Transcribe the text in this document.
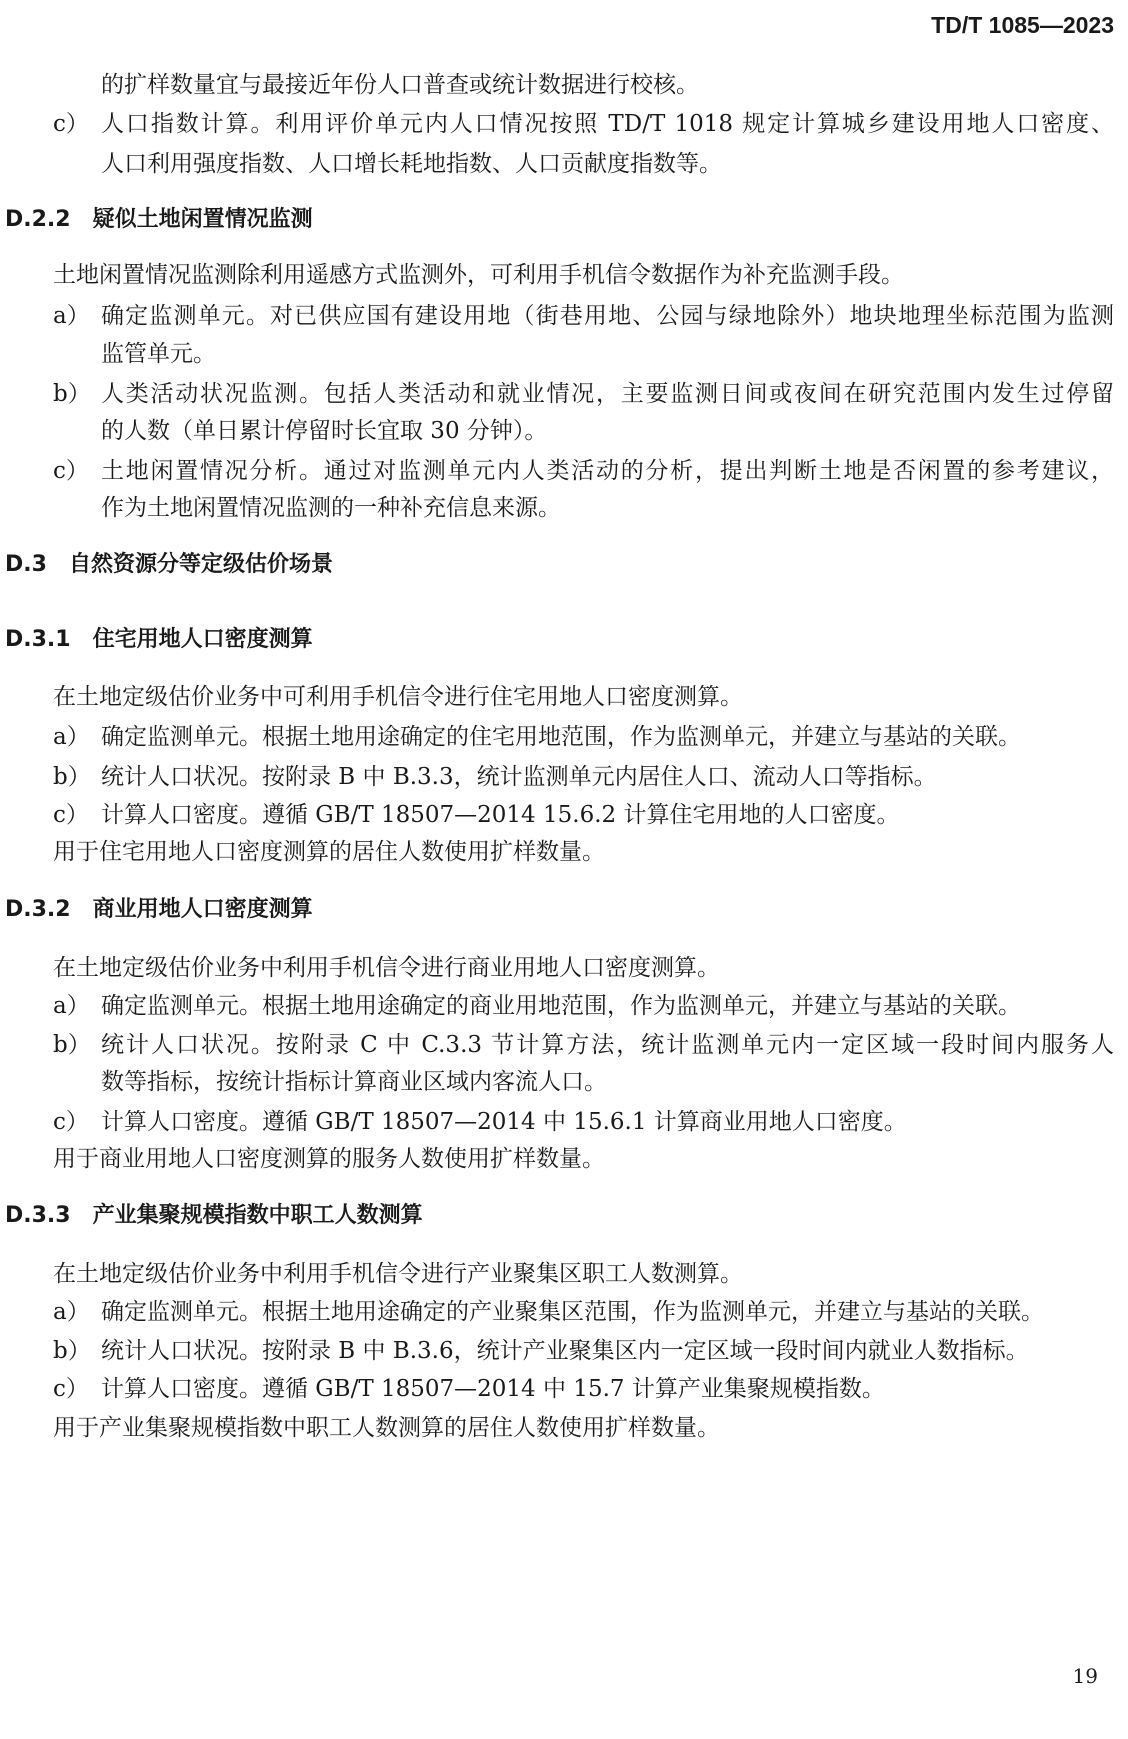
TD/T 1085—2023
的扩样数量宜与最接近年份人口普查或统计数据进行校核。
c） 人口指数计算。利用评价单元内人口情况按照 TD/T 1018 规定计算城乡建设用地人口密度、
人口利用强度指数、人口增长耗地指数、人口贡献度指数等。
D.2.2 疑似土地闲置情况监测
土地闲置情况监测除利用遥感方式监测外，可利用手机信令数据作为补充监测手段。
a） 确定监测单元。对已供应国有建设用地（街巷用地、公园与绿地除外）地块地理坐标范围为监测
监管单元。
b） 人类活动状况监测。包括人类活动和就业情况，主要监测日间或夜间在研究范围内发生过停留
的人数（单日累计停留时长宜取 30 分钟）。
c） 土地闲置情况分析。通过对监测单元内人类活动的分析，提出判断土地是否闲置的参考建议，
作为土地闲置情况监测的一种补充信息来源。
D.3 自然资源分等定级估价场景
D.3.1 住宅用地人口密度测算
在土地定级估价业务中可利用手机信令进行住宅用地人口密度测算。
a） 确定监测单元。根据土地用途确定的住宅用地范围，作为监测单元，并建立与基站的关联。
b） 统计人口状况。按附录 B 中 B.3.3，统计监测单元内居住人口、流动人口等指标。
c） 计算人口密度。遵循 GB/T 18507—2014 15.6.2 计算住宅用地的人口密度。
用于住宅用地人口密度测算的居住人数使用扩样数量。
D.3.2 商业用地人口密度测算
在土地定级估价业务中利用手机信令进行商业用地人口密度测算。
a） 确定监测单元。根据土地用途确定的商业用地范围，作为监测单元，并建立与基站的关联。
b） 统计人口状况。按附录 C 中 C.3.3 节计算方法，统计监测单元内一定区域一段时间内服务人
数等指标，按统计指标计算商业区域内客流人口。
c） 计算人口密度。遵循 GB/T 18507—2014 中 15.6.1 计算商业用地人口密度。
用于商业用地人口密度测算的服务人数使用扩样数量。
D.3.3 产业集聚规模指数中职工人数测算
在土地定级估价业务中利用手机信令进行产业聚集区职工人数测算。
a） 确定监测单元。根据土地用途确定的产业聚集区范围，作为监测单元，并建立与基站的关联。
b） 统计人口状况。按附录 B 中 B.3.6，统计产业聚集区内一定区域一段时间内就业人数指标。
c） 计算人口密度。遵循 GB/T 18507—2014 中 15.7 计算产业集聚规模指数。
用于产业集聚规模指数中职工人数测算的居住人数使用扩样数量。
19
